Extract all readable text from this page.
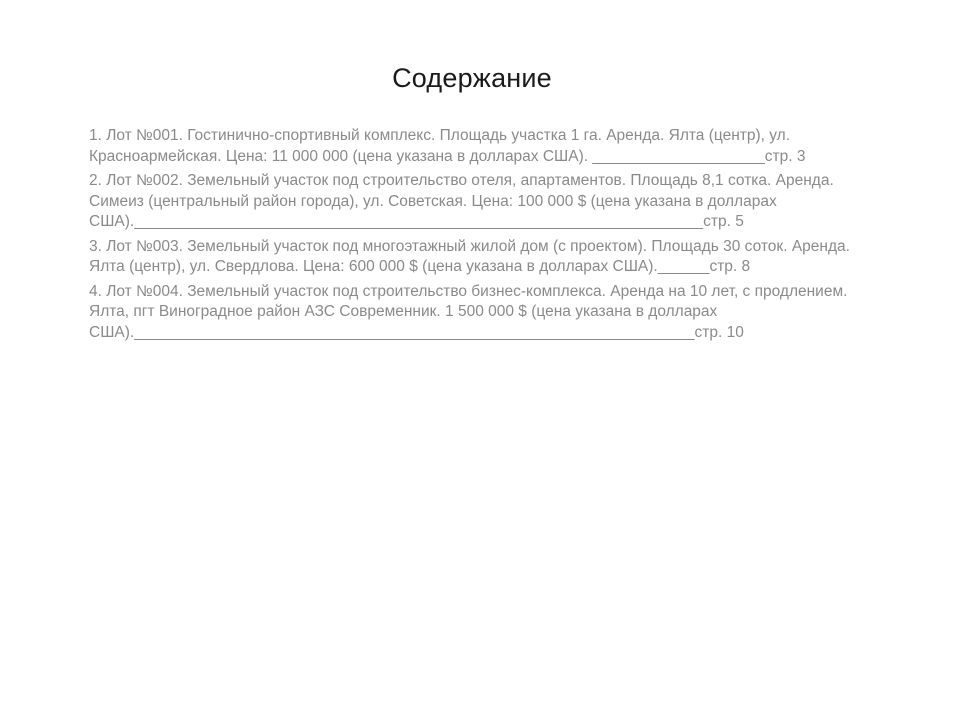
Содержание
1. Лот №001. Гостинично-спортивный комплекс. Площадь участка 1 га. Аренда. Ялта (центр), ул. Красноармейская. Цена: 11 000 000 (цена указана в долларах США). ____________________стр. 3
2. Лот №002. Земельный участок под строительство отеля, апартаментов. Площадь 8,1 сотка. Аренда. Симеиз (центральный район города), ул. Советская. Цена: 100 000 $ (цена указана в долларах США).__________________________________________________________________стр. 5
3. Лот №003. Земельный участок под многоэтажный жилой дом (с проектом). Площадь 30 соток. Аренда. Ялта (центр), ул. Свердлова. Цена: 600 000 $ (цена указана в долларах США).______стр. 8
4. Лот №004. Земельный участок под строительство бизнес-комплекса. Аренда на 10 лет, с продлением. Ялта, пгт Виноградное район АЗС Современник. 1 500 000 $ (цена указана в долларах США)._________________________________________________________________стр. 10
